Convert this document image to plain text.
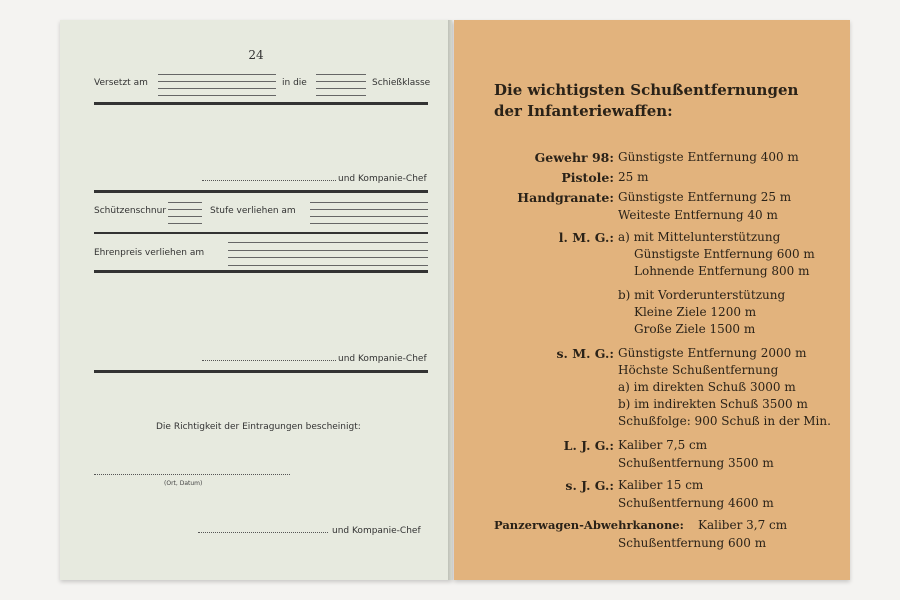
24
Versetzt am	in die	Schießklasse
und Kompanie-Chef
Schützenschnur	Stufe verliehen am
Ehrenpreis verliehen am
und Kompanie-Chef
Die Richtigkeit der Eintragungen bescheinigt:
(Ort, Datum)
und Kompanie-Chef
Die wichtigsten Schußentfernungen
der Infanteriewaffen:
Gewehr 98: Günstigste Entfernung 400 m
Pistole: 25 m
Handgranate: Günstigste Entfernung 25 m
Weiteste Entfernung 40 m
l. M. G.: a) mit Mittelunterstützung
Günstigste Entfernung 600 m
Lohnende Entfernung 800 m
b) mit Vorderunterstützung
Kleine Ziele 1200 m
Große Ziele 1500 m
s. M. G.: Günstigste Entfernung 2000 m
Höchste Schußentfernung
a) im direkten Schuß 3000 m
b) im indirekten Schuß 3500 m
Schußfolge: 900 Schuß in der Min.
L. J. G.: Kaliber 7,5 cm
Schußentfernung 3500 m
s. J. G.: Kaliber 15 cm
Schußentfernung 4600 m
Panzerwagen-Abwehrkanone: Kaliber 3,7 cm
Schußentfernung 600 m
